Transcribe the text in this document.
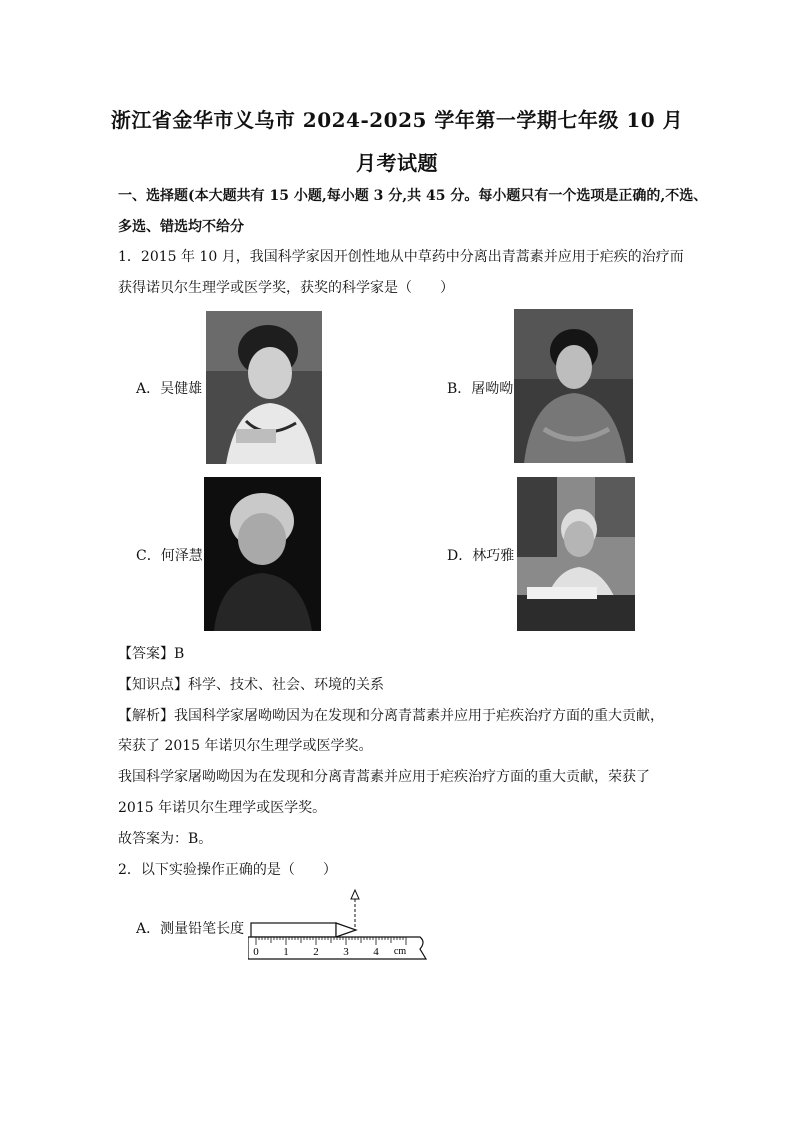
浙江省金华市义乌市 2024-2025 学年第一学期七年级 10 月
月考试题
一、选择题(本大题共有 15 小题,每小题 3 分,共 45 分。每小题只有一个选项是正确的,不选、
多选、错选均不给分
1．2015 年 10 月，我国科学家因开创性地从中草药中分离出青蒿素并应用于疟疾的治疗而
获得诺贝尔生理学或医学奖，获奖的科学家是（　　）
A．吴健雄	B．屠呦呦
C．何泽慧	D．林巧雅
【答案】B
【知识点】科学、技术、社会、环境的关系
【解析】我国科学家屠呦呦因为在发现和分离青蒿素并应用于疟疾治疗方面的重大贡献，
荣获了 2015 年诺贝尔生理学或医学奖。
我国科学家屠呦呦因为在发现和分离青蒿素并应用于疟疾治疗方面的重大贡献，荣获了
2015 年诺贝尔生理学或医学奖。
故答案为：B。
2．以下实验操作正确的是（　　）
A．测量铅笔长度
0 1 2 3 4 cm
